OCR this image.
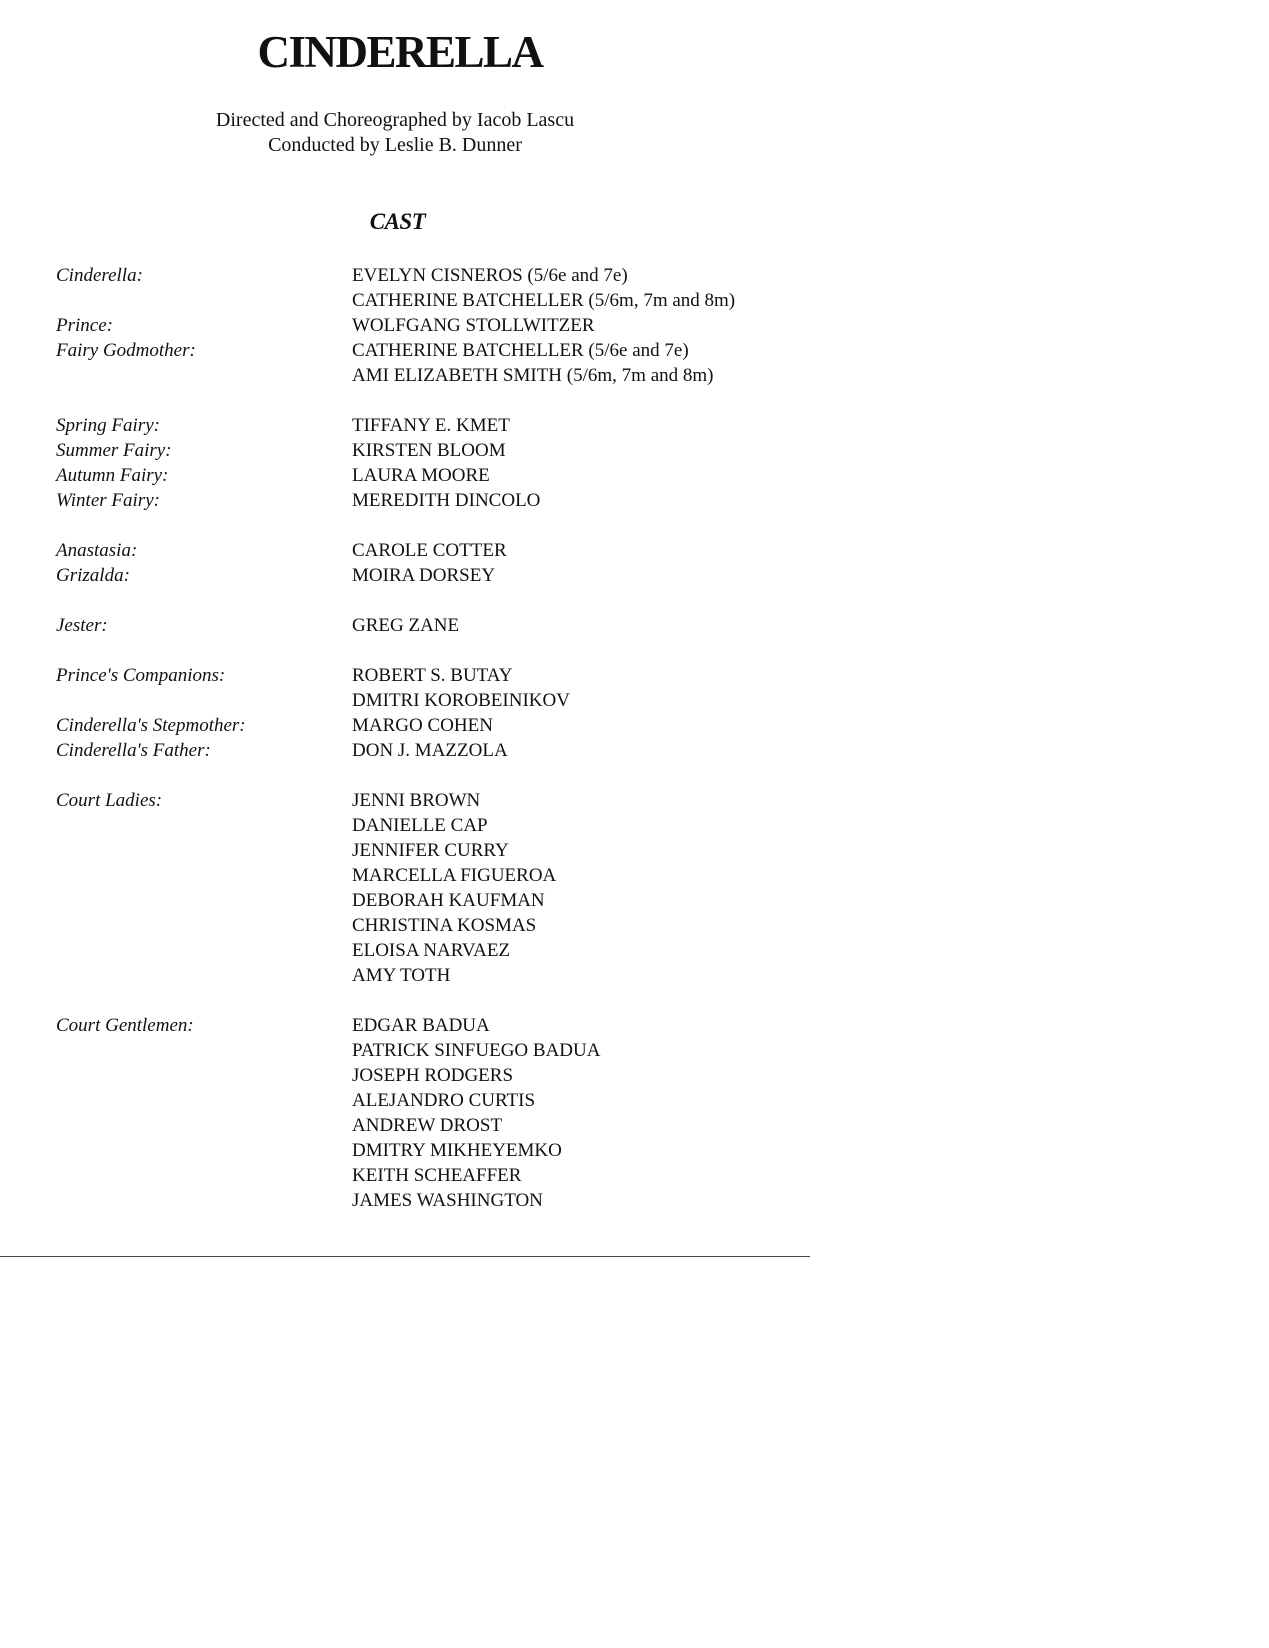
CINDERELLA
Directed and Choreographed by Iacob Lascu
Conducted by Leslie B. Dunner
CAST
Cinderella:	EVELYN CISNEROS (5/6e and 7e)
CATHERINE BATCHELLER (5/6m, 7m and 8m)
Prince:	WOLFGANG STOLLWITZER
Fairy Godmother:	CATHERINE BATCHELLER (5/6e and 7e)
AMI ELIZABETH SMITH (5/6m, 7m and 8m)
Spring Fairy:	TIFFANY E. KMET
Summer Fairy:	KIRSTEN BLOOM
Autumn Fairy:	LAURA MOORE
Winter Fairy:	MEREDITH DINCOLO
Anastasia:	CAROLE COTTER
Grizalda:	MOIRA DORSEY
Jester:	GREG ZANE
Prince's Companions:	ROBERT S. BUTAY
DMITRI KOROBEINIKOV
Cinderella's Stepmother:	MARGO COHEN
Cinderella's Father:	DON J. MAZZOLA
Court Ladies:	JENNI BROWN
DANIELLE CAP
JENNIFER CURRY
MARCELLA FIGUEROA
DEBORAH KAUFMAN
CHRISTINA KOSMAS
ELOISA NARVAEZ
AMY TOTH
Court Gentlemen:	EDGAR BADUA
PATRICK SINFUEGO BADUA
JOSEPH RODGERS
ALEJANDRO CURTIS
ANDREW DROST
DMITRY MIKHEYEMKO
KEITH SCHEAFFER
JAMES WASHINGTON
